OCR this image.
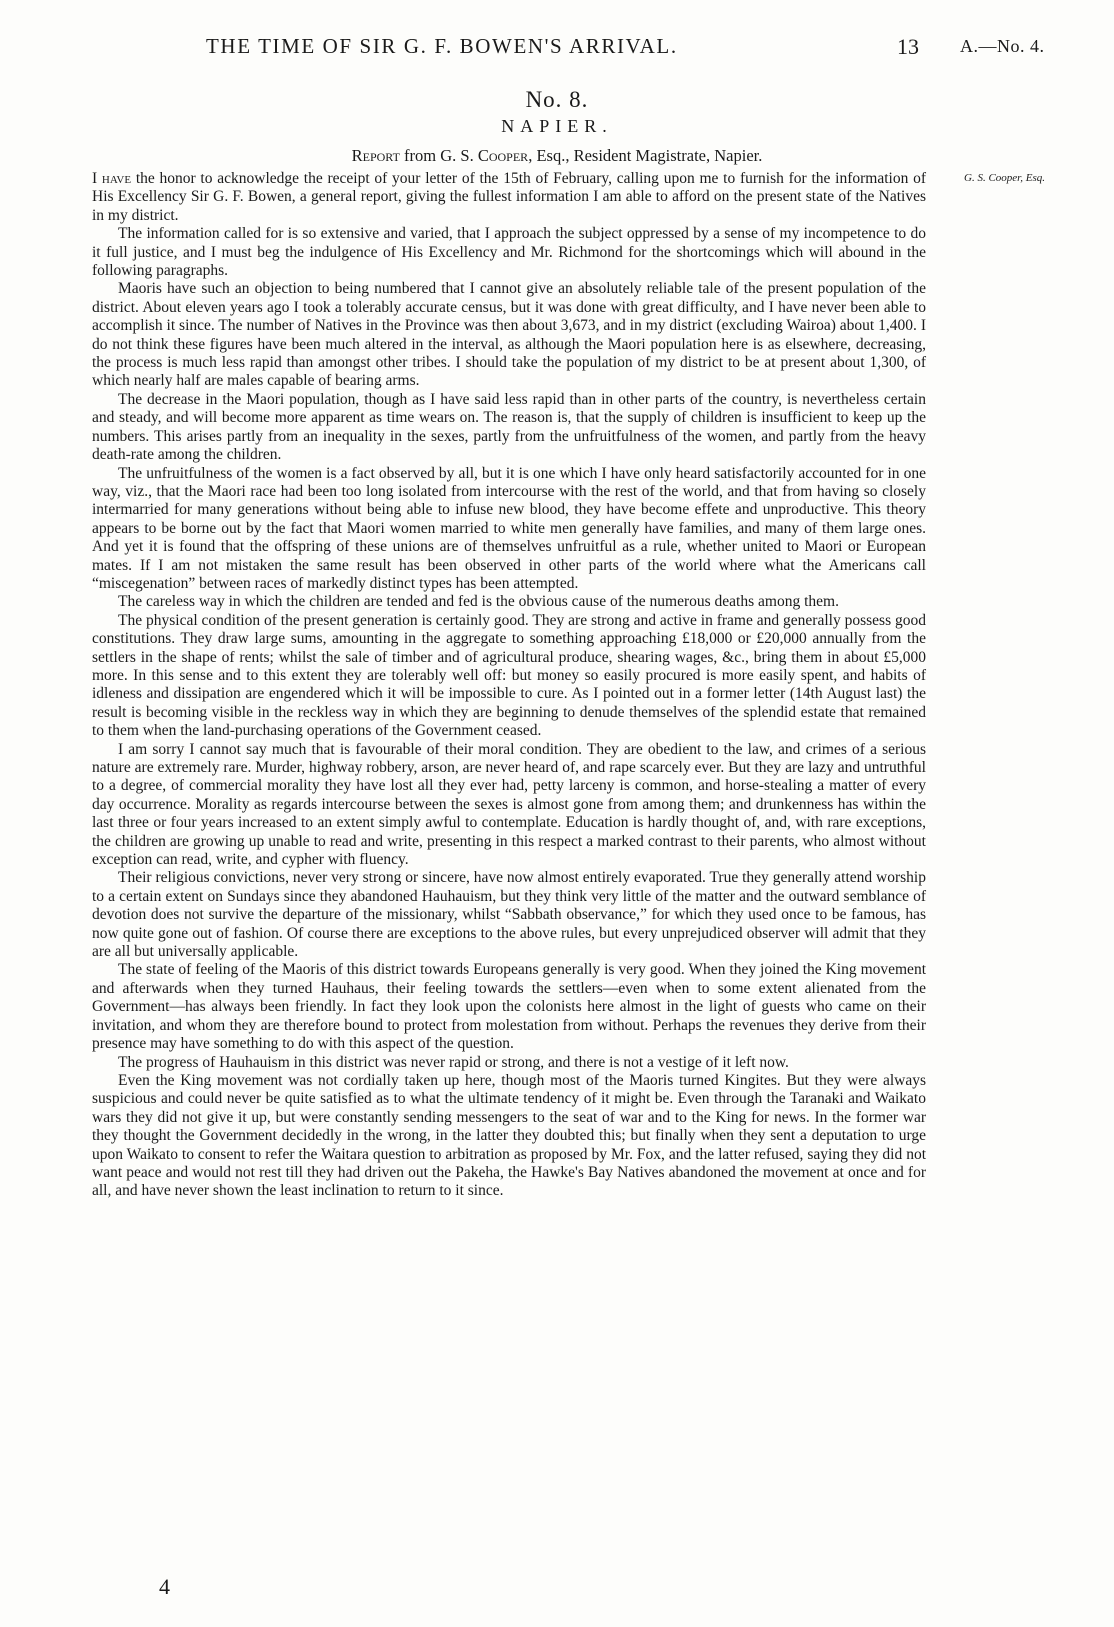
THE TIME OF SIR G. F. BOWEN'S ARRIVAL.	13 A.—No. 4.
No. 8.
NAPIER.
Report from G. S. Cooper, Esq., Resident Magistrate, Napier.
G. S. Cooper, Esq.

I have the honor to acknowledge the receipt of your letter of the 15th of February, calling upon me to furnish for the information of His Excellency Sir G. F. Bowen, a general report, giving the fullest information I am able to afford on the present state of the Natives in my district.

The information called for is so extensive and varied, that I approach the subject oppressed by a sense of my incompetence to do it full justice, and I must beg the indulgence of His Excellency and Mr. Richmond for the shortcomings which will abound in the following paragraphs.

Maoris have such an objection to being numbered that I cannot give an absolutely reliable tale of the present population of the district. About eleven years ago I took a tolerably accurate census, but it was done with great difficulty, and I have never been able to accomplish it since. The number of Natives in the Province was then about 3,673, and in my district (excluding Wairoa) about 1,400. I do not think these figures have been much altered in the interval, as although the Maori population here is as elsewhere, decreasing, the process is much less rapid than amongst other tribes. I should take the population of my district to be at present about 1,300, of which nearly half are males capable of bearing arms.

The decrease in the Maori population, though as I have said less rapid than in other parts of the country, is nevertheless certain and steady, and will become more apparent as time wears on. The reason is, that the supply of children is insufficient to keep up the numbers. This arises partly from an inequality in the sexes, partly from the unfruitfulness of the women, and partly from the heavy death-rate among the children.

The unfruitfulness of the women is a fact observed by all, but it is one which I have only heard satisfactorily accounted for in one way, viz., that the Maori race had been too long isolated from intercourse with the rest of the world, and that from having so closely intermarried for many generations without being able to infuse new blood, they have become effete and unproductive. This theory appears to be borne out by the fact that Maori women married to white men generally have families, and many of them large ones. And yet it is found that the offspring of these unions are of themselves unfruitful as a rule, whether united to Maori or European mates. If I am not mistaken the same result has been observed in other parts of the world where what the Americans call “miscegenation” between races of markedly distinct types has been attempted.

The careless way in which the children are tended and fed is the obvious cause of the numerous deaths among them.

The physical condition of the present generation is certainly good. They are strong and active in frame and generally possess good constitutions. They draw large sums, amounting in the aggregate to something approaching £18,000 or £20,000 annually from the settlers in the shape of rents; whilst the sale of timber and of agricultural produce, shearing wages, &c., bring them in about £5,000 more. In this sense and to this extent they are tolerably well off: but money so easily procured is more easily spent, and habits of idleness and dissipation are engendered which it will be impossible to cure. As I pointed out in a former letter (14th August last) the result is becoming visible in the reckless way in which they are beginning to denude themselves of the splendid estate that remained to them when the land-purchasing operations of the Government ceased.

I am sorry I cannot say much that is favourable of their moral condition. They are obedient to the law, and crimes of a serious nature are extremely rare. Murder, highway robbery, arson, are never heard of, and rape scarcely ever. But they are lazy and untruthful to a degree, of commercial morality they have lost all they ever had, petty larceny is common, and horse-stealing a matter of every day occurrence. Morality as regards intercourse between the sexes is almost gone from among them; and drunkenness has within the last three or four years increased to an extent simply awful to contemplate. Education is hardly thought of, and, with rare exceptions, the children are growing up unable to read and write, presenting in this respect a marked contrast to their parents, who almost without exception can read, write, and cypher with fluency.

Their religious convictions, never very strong or sincere, have now almost entirely evaporated. True they generally attend worship to a certain extent on Sundays since they abandoned Hauhauism, but they think very little of the matter and the outward semblance of devotion does not survive the departure of the missionary, whilst “Sabbath observance,” for which they used once to be famous, has now quite gone out of fashion. Of course there are exceptions to the above rules, but every unprejudiced observer will admit that they are all but universally applicable.

The state of feeling of the Maoris of this district towards Europeans generally is very good. When they joined the King movement and afterwards when they turned Hauhaus, their feeling towards the settlers—even when to some extent alienated from the Government—has always been friendly. In fact they look upon the colonists here almost in the light of guests who came on their invitation, and whom they are therefore bound to protect from molestation from without. Perhaps the revenues they derive from their presence may have something to do with this aspect of the question.

The progress of Hauhauism in this district was never rapid or strong, and there is not a vestige of it left now.

Even the King movement was not cordially taken up here, though most of the Maoris turned Kingites. But they were always suspicious and could never be quite satisfied as to what the ultimate tendency of it might be. Even through the Taranaki and Waikato wars they did not give it up, but were constantly sending messengers to the seat of war and to the King for news. In the former war they thought the Government decidedly in the wrong, in the latter they doubted this; but finally when they sent a deputation to urge upon Waikato to consent to refer the Waitara question to arbitration as proposed by Mr. Fox, and the latter refused, saying they did not want peace and would not rest till they had driven out the Pakeha, the Hawke's Bay Natives abandoned the movement at once and for all, and have never shown the least inclination to return to it since.

4
